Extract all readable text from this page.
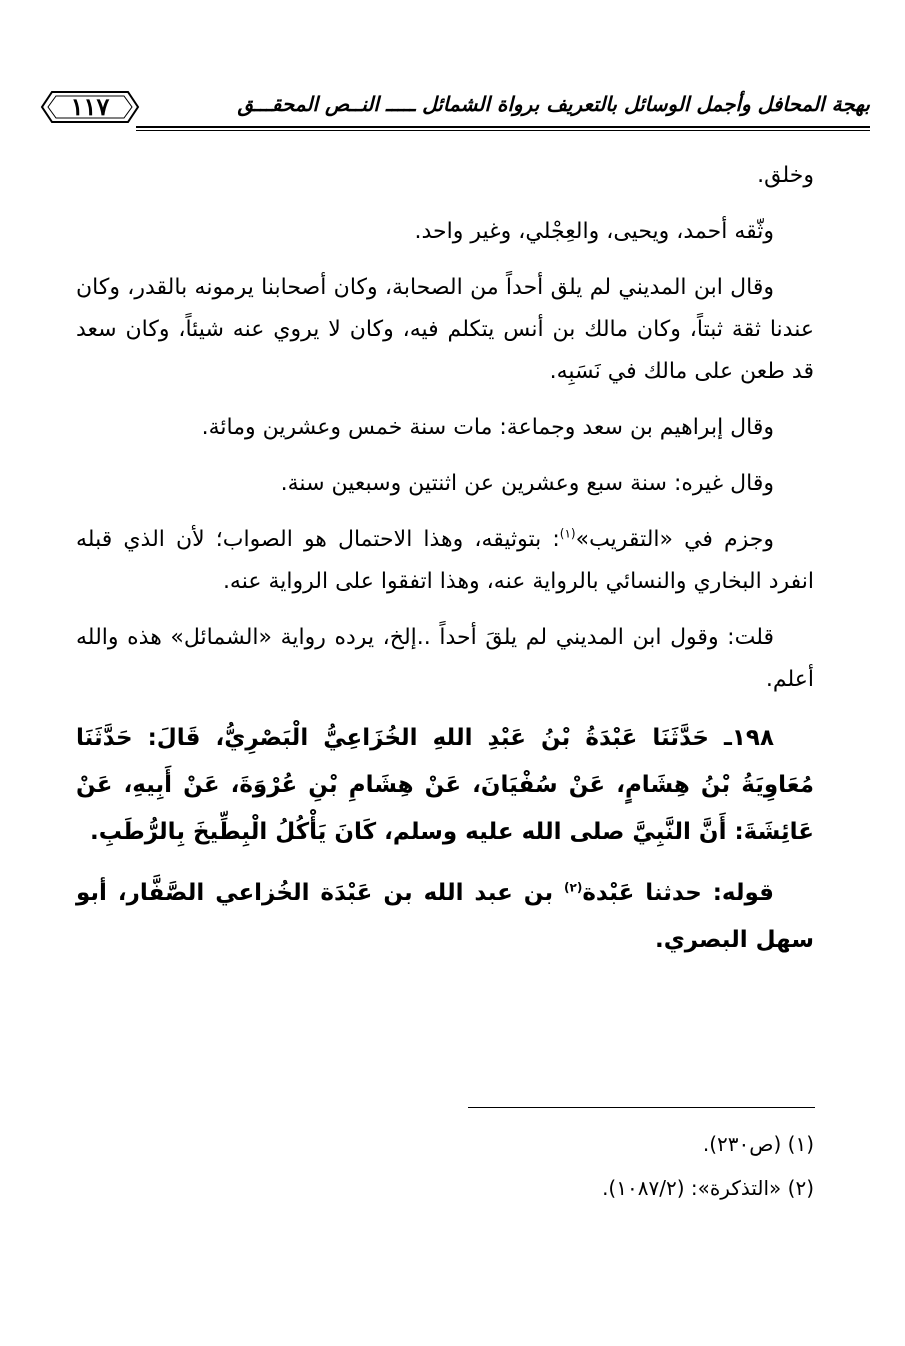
بهجة المحافل وأجمل الوسائل بالتعريف برواة الشمائل ـــــ النــص المحقـــق
١١٧

وخلق.

وثّقه أحمد، ويحيى، والعِجْلي، وغير واحد.

وقال ابن المديني لم يلق أحداً من الصحابة، وكان أصحابنا يرمونه بالقدر، وكان عندنا ثقة ثبتاً، وكان مالك بن أنس يتكلم فيه، وكان لا يروي عنه شيئاً، وكان سعد قد طعن على مالك في نَسَبِه.

وقال إبراهيم بن سعد وجماعة: مات سنة خمس وعشرين ومائة.

وقال غيره: سنة سبع وعشرين عن اثنتين وسبعين سنة.

وجزم في «التقريب»$^{(١)}$: بتوثيقه، وهذا الاحتمال هو الصواب؛ لأن الذي قبله انفرد البخاري والنسائي بالرواية عنه، وهذا اتفقوا على الرواية عنه.

قلت: وقول ابن المديني لم يلقَ أحداً ..إلخ، يرده رواية «الشمائل» هذه والله أعلم.

١٩٨ـ حَدَّثَنَا عَبْدَةُ بْنُ عَبْدِ اللهِ الخُزَاعِيُّ الْبَصْرِيُّ، قَالَ: حَدَّثَنَا مُعَاوِيَةُ بْنُ هِشَامٍ، عَنْ سُفْيَانَ، عَنْ هِشَامِ بْنِ عُرْوَةَ، عَنْ أَبِيهِ، عَنْ عَائِشَةَ: أَنَّ النَّبِيَّ صلى الله عليه وسلم، كَانَ يَأْكُلُ الْبِطِّيخَ بِالرُّطَبِ.

قوله: حدثنا عَبْدة$^{(٢)}$ بن عبد الله بن عَبْدَة الخُزاعي الصَّفَّار، أبو سهل البصري.

(١) (ص٢٣٠).
(٢) «التذكرة»: (١٠٨٧/٢).
